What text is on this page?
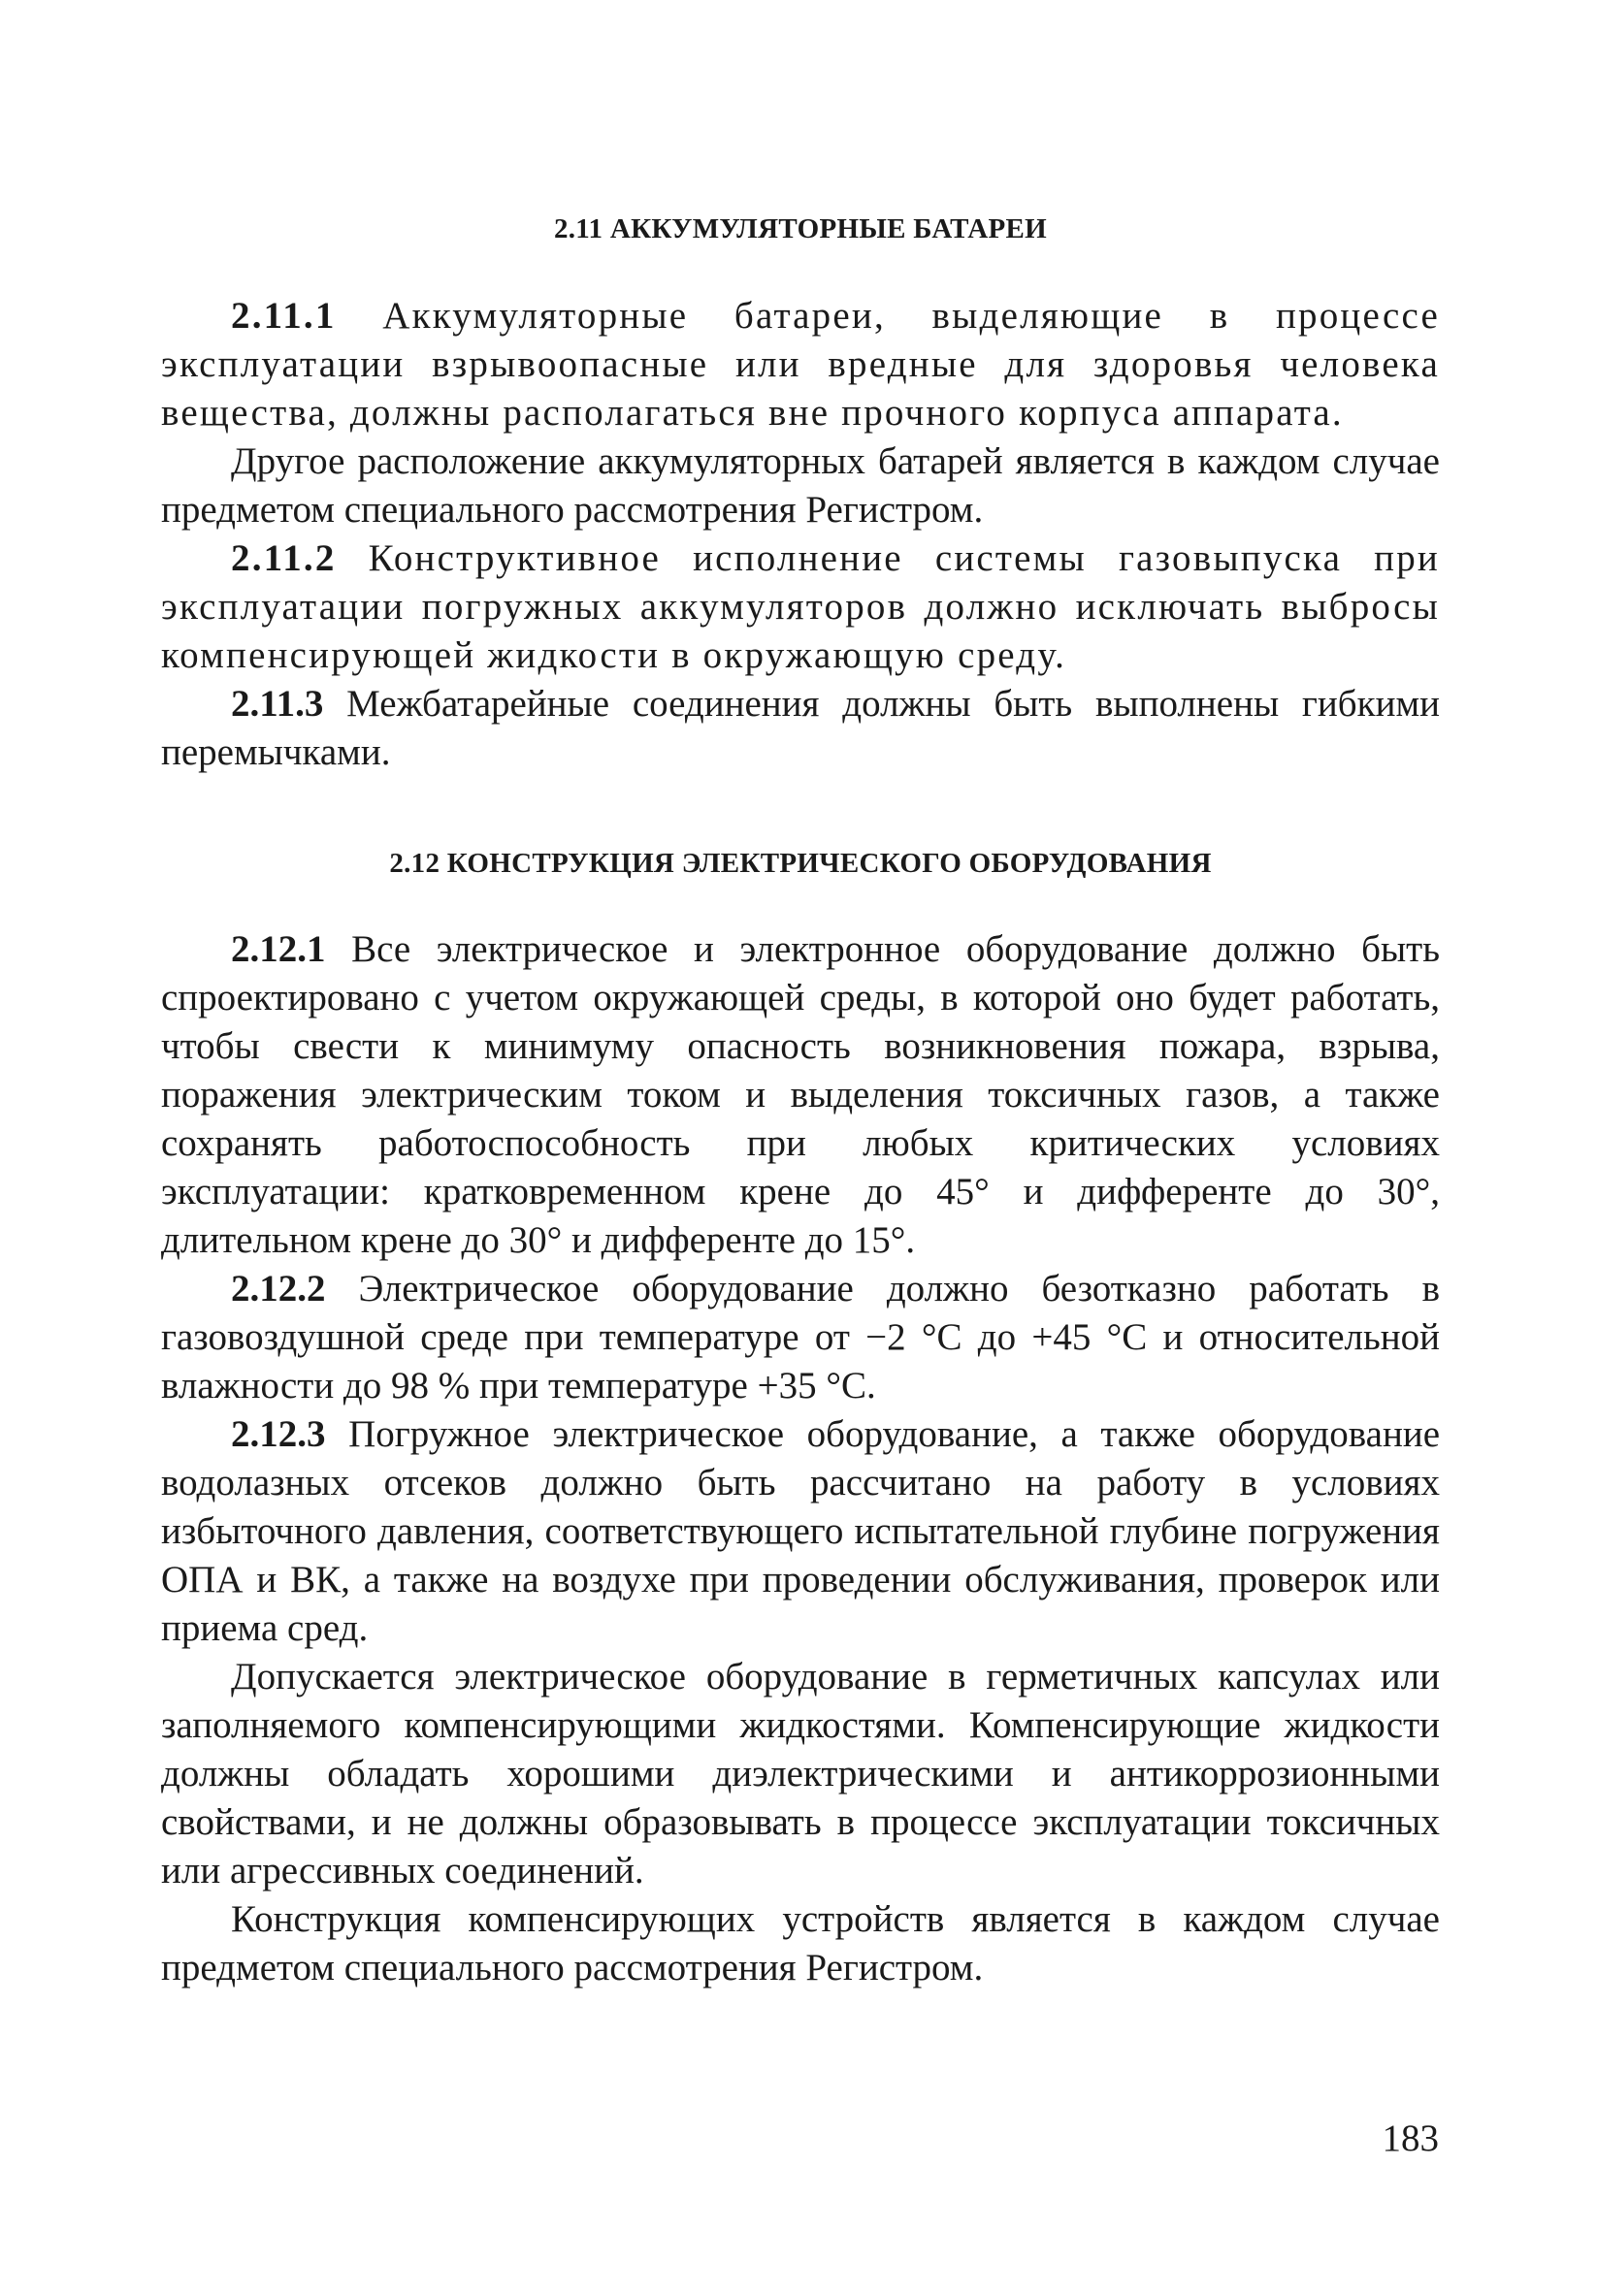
2.11 АККУМУЛЯТОРНЫЕ БАТАРЕИ

2.11.1 Аккумуляторные батареи, выделяющие в процессе эксплуатации взрывоопасные или вредные для здоровья человека вещества, должны располагаться вне прочного корпуса аппарата.

Другое расположение аккумуляторных батарей является в каждом случае предметом специального рассмотрения Регистром.

2.11.2 Конструктивное исполнение системы газовыпуска при эксплуатации погружных аккумуляторов должно исключать выбросы компенсирующей жидкости в окружающую среду.

2.11.3 Межбатарейные соединения должны быть выполнены гибкими перемычками.

2.12 КОНСТРУКЦИЯ ЭЛЕКТРИЧЕСКОГО ОБОРУДОВАНИЯ

2.12.1 Все электрическое и электронное оборудование должно быть спроектировано с учетом окружающей среды, в которой оно будет работать, чтобы свести к минимуму опасность возникновения пожара, взрыва, поражения электрическим током и выделения токсичных газов, а также сохранять работоспособность при любых критических условиях эксплуатации: кратковременном крене до 45° и дифференте до 30°, длительном крене до 30° и дифференте до 15°.

2.12.2 Электрическое оборудование должно безотказно работать в газовоздушной среде при температуре от −2 °С до +45 °С и относительной влажности до 98 % при температуре +35 °С.

2.12.3 Погружное электрическое оборудование, а также оборудование водолазных отсеков должно быть рассчитано на работу в условиях избыточного давления, соответствующего испытательной глубине погружения ОПА и ВК, а также на воздухе при проведении обслуживания, проверок или приема сред.

Допускается электрическое оборудование в герметичных капсулах или заполняемого компенсирующими жидкостями. Компенсирующие жидкости должны обладать хорошими диэлектрическими и антикоррозионными свойствами, и не должны образовывать в процессе эксплуатации токсичных или агрессивных соединений.

Конструкция компенсирующих устройств является в каждом случае предметом специального рассмотрения Регистром.

183
